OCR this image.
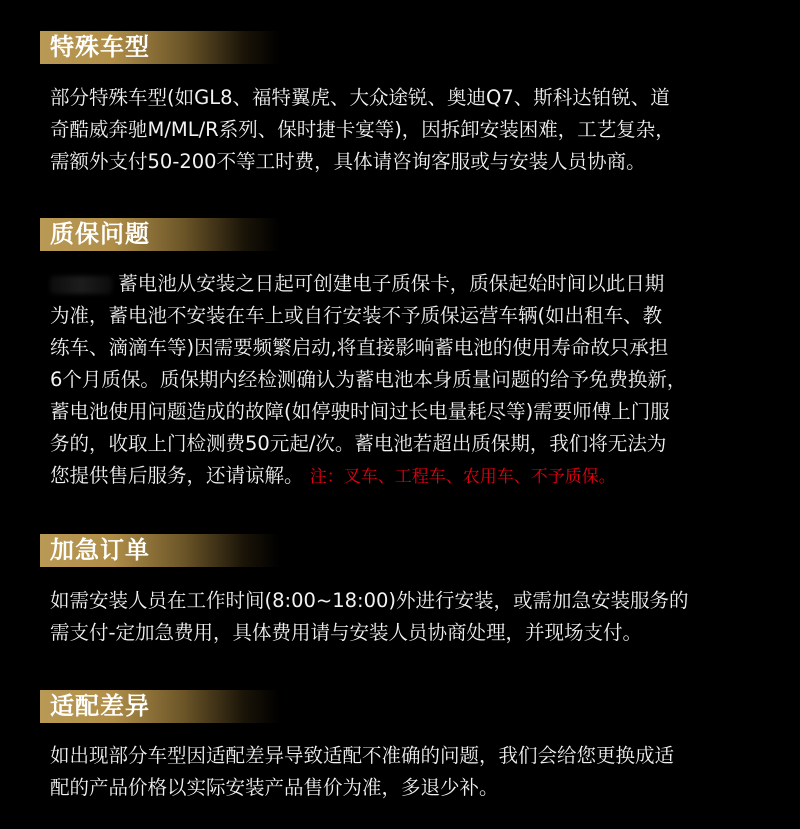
特殊车型
部分特殊车型(如GL8、福特翼虎、大众途锐、奥迪Q7、斯科达铂锐、道
奇酷威奔驰M/ML/R系列、保时捷卡宴等)，因拆卸安装困难，工艺复杂，
需额外支付50-200不等工时费，具体请咨询客服或与安装人员协商。
质保问题
蓄电池从安装之日起可创建电子质保卡，质保起始时间以此日期
为准，蓄电池不安装在车上或自行安装不予质保运营车辆(如出租车、教
练车、滴滴车等)因需要频繁启动,将直接影响蓄电池的使用寿命故只承担
6个月质保。质保期内经检测确认为蓄电池本身质量问题的给予免费换新，
蓄电池使用问题造成的故障(如停驶时间过长电量耗尽等)需要师傅上门服
务的，收取上门检测费50元起/次。蓄电池若超出质保期，我们将无法为
您提供售后服务，还请谅解。 注：叉车、工程车、农用车、不予质保。
加急订单
如需安装人员在工作时间(8:00~18:00)外进行安装，或需加急安装服务的
需支付-定加急费用，具体费用请与安装人员协商处理，并现场支付。
适配差异
如出现部分车型因适配差异导致适配不准确的问题，我们会给您更换成适
配的产品价格以实际安装产品售价为准，多退少补。
